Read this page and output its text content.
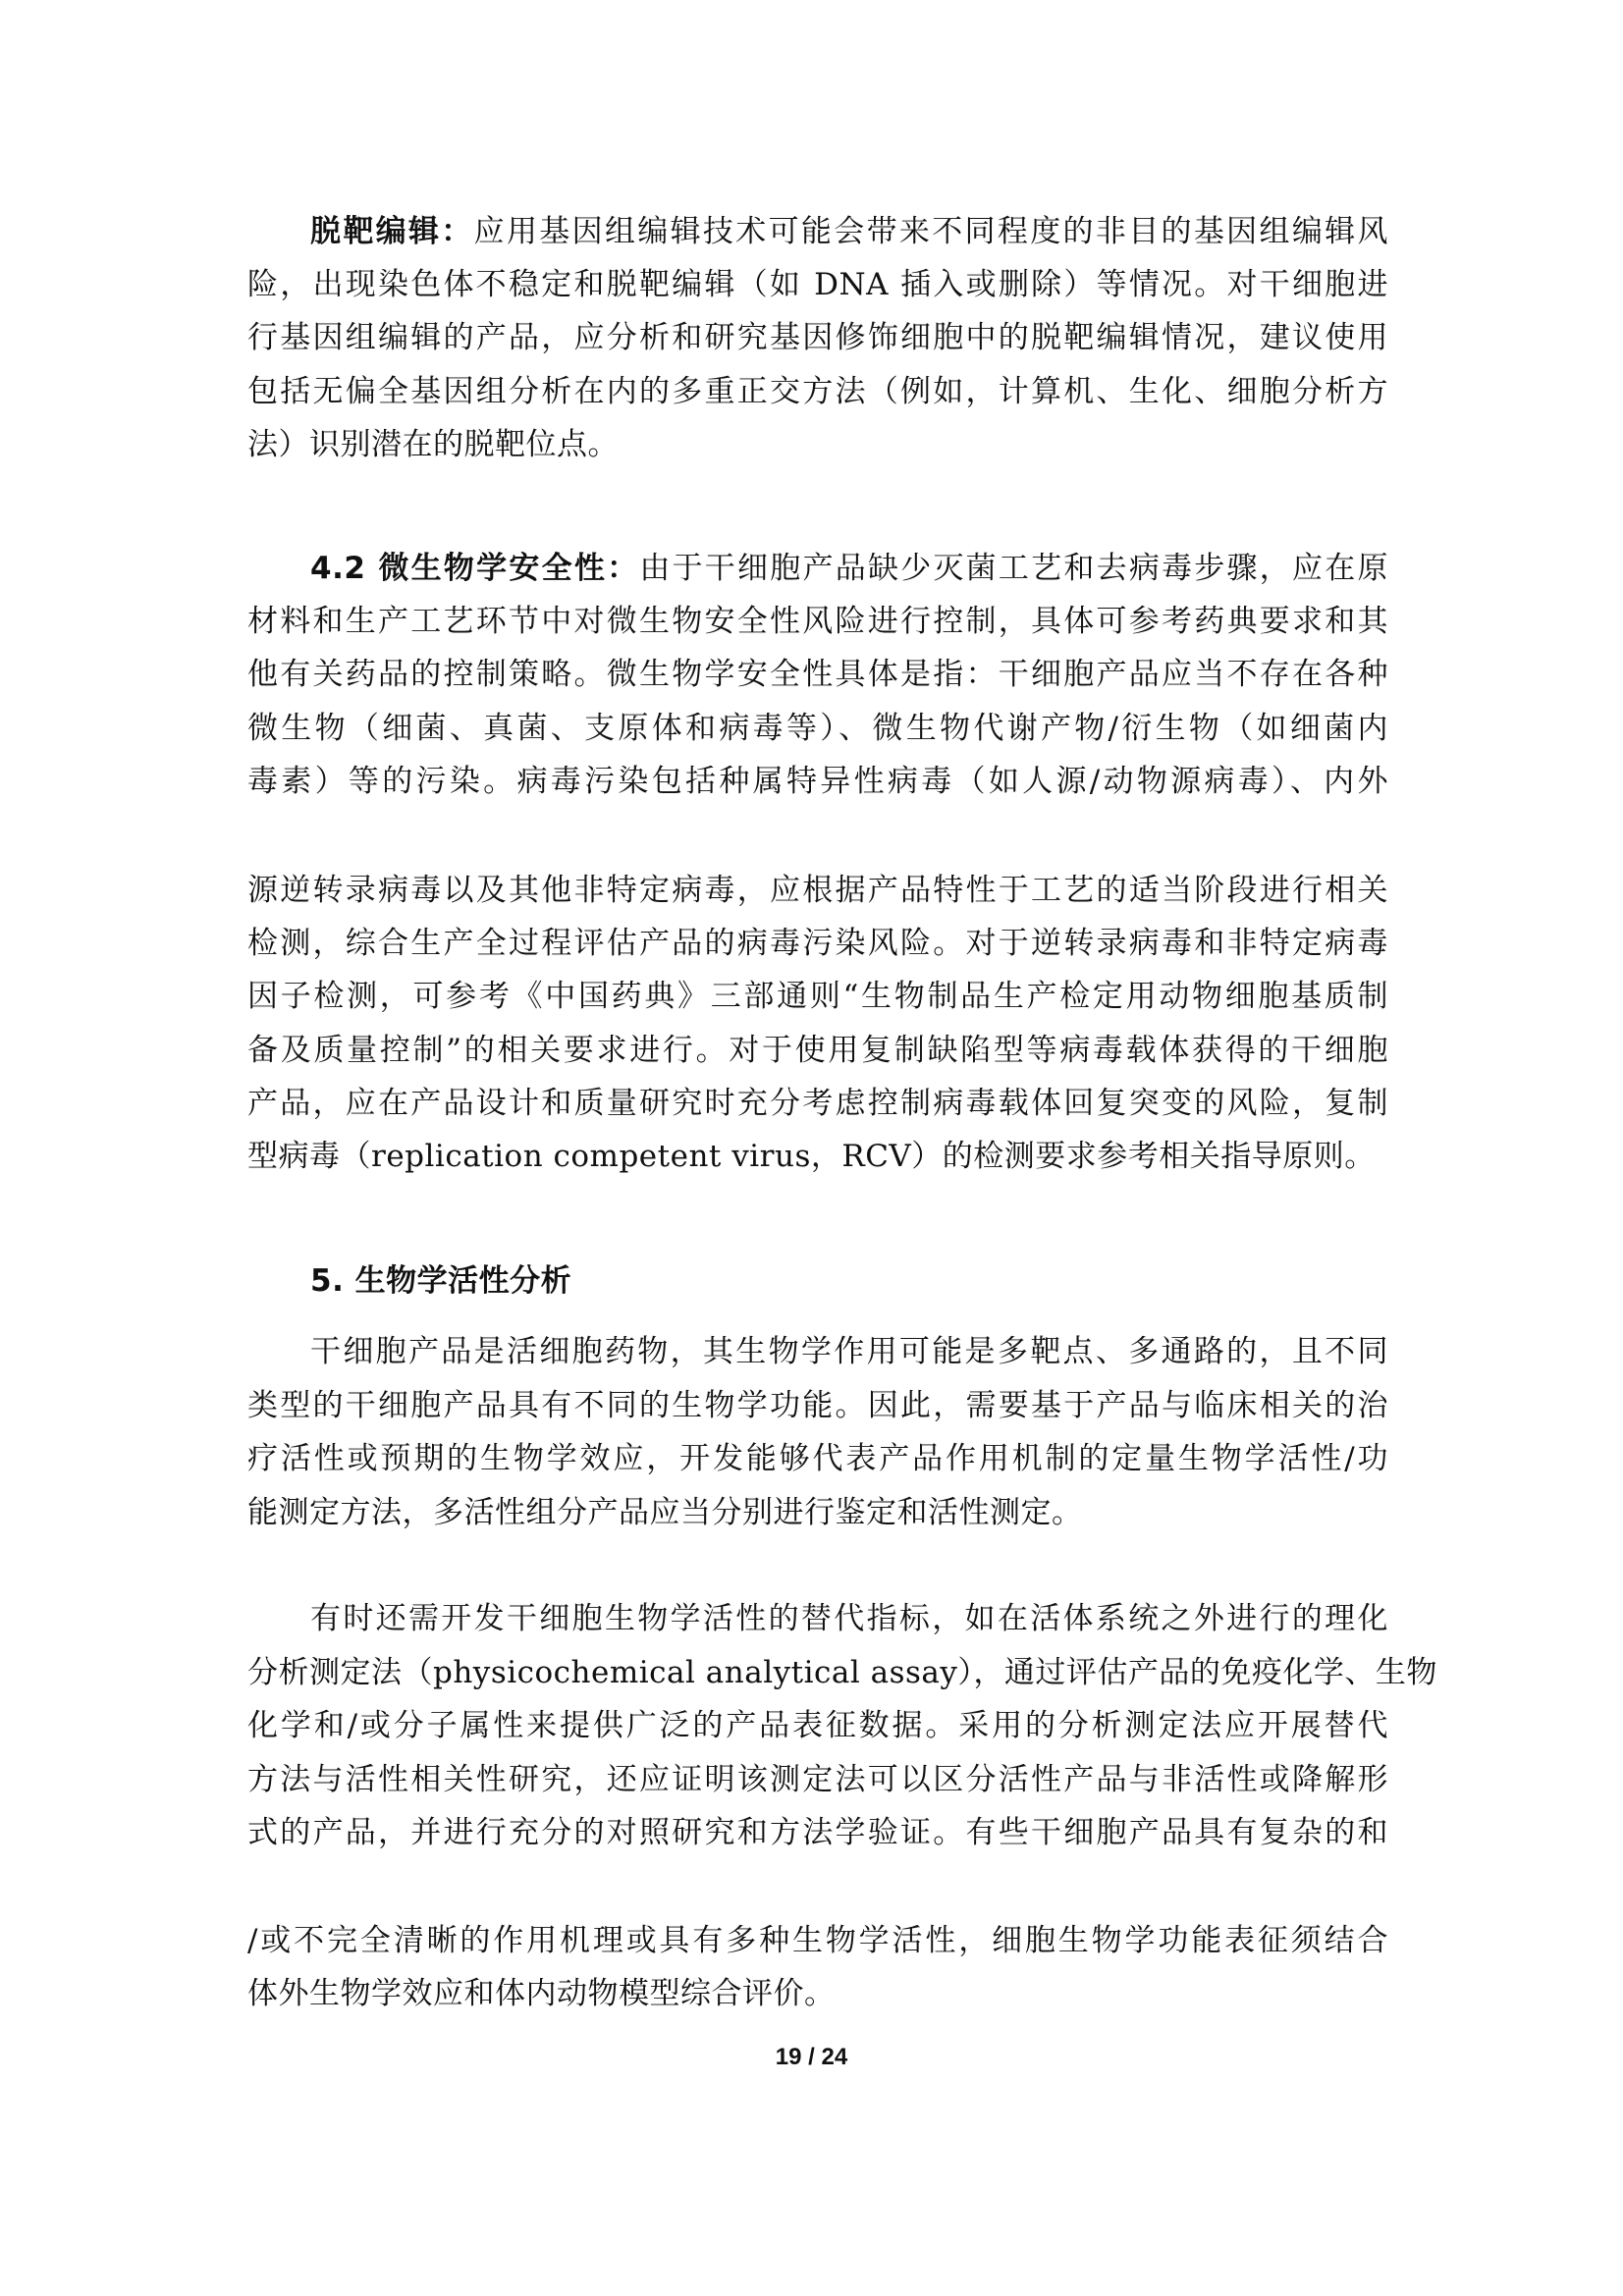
脱靶编辑：应用基因组编辑技术可能会带来不同程度的非目的基因组编辑风
险，出现染色体不稳定和脱靶编辑（如 DNA 插入或删除）等情况。对干细胞进
行基因组编辑的产品，应分析和研究基因修饰细胞中的脱靶编辑情况，建议使用
包括无偏全基因组分析在内的多重正交方法（例如，计算机、生化、细胞分析方
法）识别潜在的脱靶位点。
4.2 微生物学安全性：由于干细胞产品缺少灭菌工艺和去病毒步骤，应在原
材料和生产工艺环节中对微生物安全性风险进行控制，具体可参考药典要求和其
他有关药品的控制策略。微生物学安全性具体是指：干细胞产品应当不存在各种
微生物（细菌、真菌、支原体和病毒等）、微生物代谢产物/衍生物（如细菌内
毒素）等的污染。病毒污染包括种属特异性病毒（如人源/动物源病毒）、内外
源逆转录病毒以及其他非特定病毒，应根据产品特性于工艺的适当阶段进行相关
检测，综合生产全过程评估产品的病毒污染风险。对于逆转录病毒和非特定病毒
因子检测，可参考《中国药典》三部通则“生物制品生产检定用动物细胞基质制
备及质量控制”的相关要求进行。对于使用复制缺陷型等病毒载体获得的干细胞
产品，应在产品设计和质量研究时充分考虑控制病毒载体回复突变的风险，复制
型病毒（replication competent virus，RCV）的检测要求参考相关指导原则。
5. 生物学活性分析
干细胞产品是活细胞药物，其生物学作用可能是多靶点、多通路的，且不同
类型的干细胞产品具有不同的生物学功能。因此，需要基于产品与临床相关的治
疗活性或预期的生物学效应，开发能够代表产品作用机制的定量生物学活性/功
能测定方法，多活性组分产品应当分别进行鉴定和活性测定。
有时还需开发干细胞生物学活性的替代指标，如在活体系统之外进行的理化
分析测定法（physicochemical analytical assay），通过评估产品的免疫化学、生物
化学和/或分子属性来提供广泛的产品表征数据。采用的分析测定法应开展替代
方法与活性相关性研究，还应证明该测定法可以区分活性产品与非活性或降解形
式的产品，并进行充分的对照研究和方法学验证。有些干细胞产品具有复杂的和
/或不完全清晰的作用机理或具有多种生物学活性，细胞生物学功能表征须结合
体外生物学效应和体内动物模型综合评价。
19 / 24
